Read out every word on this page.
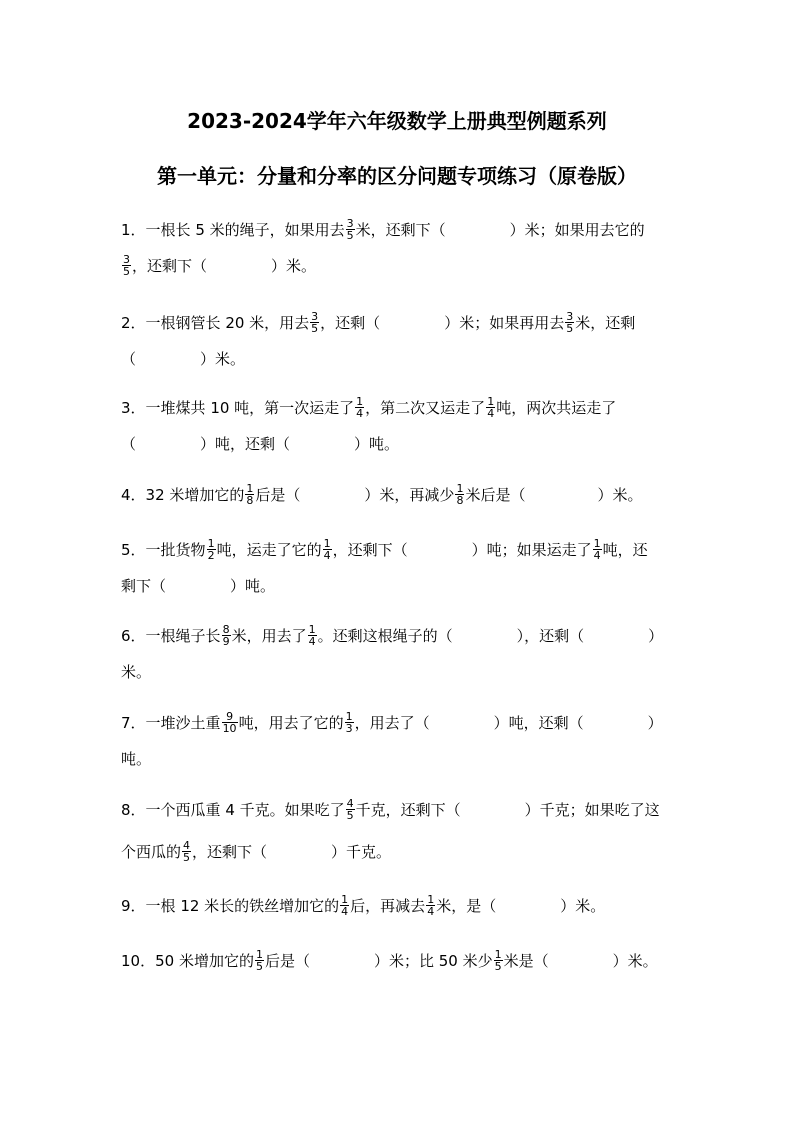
2023-2024学年六年级数学上册典型例题系列
第一单元：分量和分率的区分问题专项练习（原卷版）
1．一根长 5 米的绳子，如果用去 $\frac{3}{5}$ 米，还剩下（	）米；如果用去它的
$\frac{3}{5}$ ，还剩下（	）米。
2．一根钢管长 20 米，用去 $\frac{3}{5}$ ，还剩（	）米；如果再用去 $\frac{3}{5}$ 米，还剩
（	）米。
3．一堆煤共 10 吨，第一次运走了 $\frac{1}{4}$ ，第二次又运走了 $\frac{1}{4}$ 吨，两次共运走了
（	）吨，还剩（	）吨。
4．32 米增加它的 $\frac{1}{8}$ 后是（	）米，再减少 $\frac{1}{8}$ 米后是（	）米。
5．一批货物 $\frac{1}{2}$ 吨，运走了它的 $\frac{1}{4}$ ，还剩下（	）吨；如果运走了 $\frac{1}{4}$ 吨，还
剩下（	）吨。
6．一根绳子长 $\frac{8}{9}$ 米，用去了 $\frac{1}{4}$ 。还剩这根绳子的（	），还剩（	）
米。
7．一堆沙土重 $\frac{9}{10}$ 吨，用去了它的 $\frac{1}{3}$ ，用去了（	）吨，还剩（	）
吨。
8．一个西瓜重 4 千克。如果吃了 $\frac{4}{5}$ 千克，还剩下（	）千克；如果吃了这
个西瓜的 $\frac{4}{5}$ ，还剩下（	）千克。
9．一根 12 米长的铁丝增加它的 $\frac{1}{4}$ 后，再减去 $\frac{1}{4}$ 米，是（	）米。
10．50 米增加它的 $\frac{1}{5}$ 后是（	）米；比 50 米少 $\frac{1}{5}$ 米是（	）米。
